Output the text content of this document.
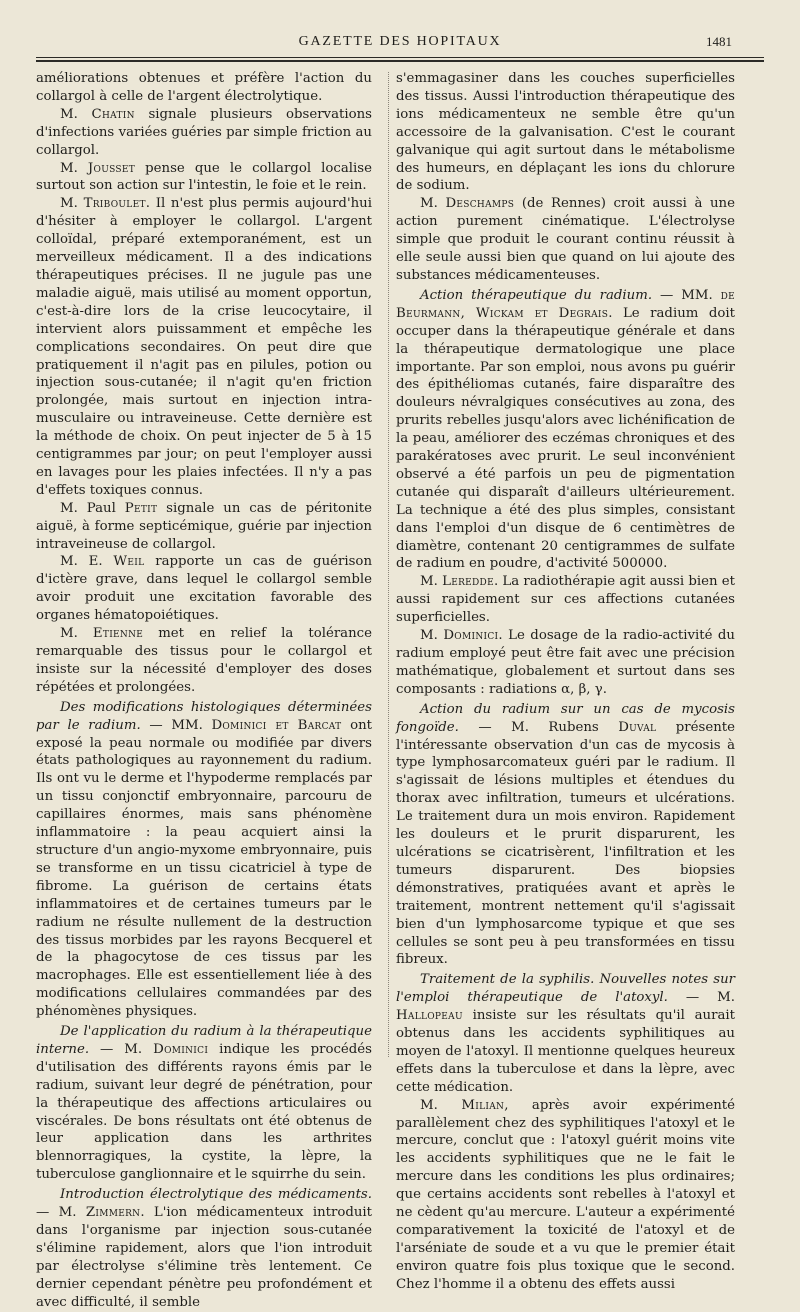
GAZETTE DES HOPITAUX	1481

améliorations obtenues et préfère l'action du collargol à celle de l'argent électrolytique.

M. Chatin signale plusieurs observations d'infections variées guéries par simple friction au collargol.

M. Jousset pense que le collargol localise surtout son action sur l'intestin, le foie et le rein.

M. Triboulet. Il n'est plus permis aujourd'hui d'hésiter à employer le collargol. L'argent colloïdal, préparé extemporanément, est un merveilleux médicament. Il a des indications thérapeutiques précises. Il ne jugule pas une maladie aiguë, mais utilisé au moment opportun, c'est-à-dire lors de la crise leucocytaire, il intervient alors puissamment et empêche les complications secondaires. On peut dire que pratiquement il n'agit pas en pilules, potion ou injection sous-cutanée; il n'agit qu'en friction prolongée, mais surtout en injection intra-musculaire ou intraveineuse. Cette dernière est la méthode de choix. On peut injecter de 5 à 15 centigrammes par jour; on peut l'employer aussi en lavages pour les plaies infectées. Il n'y a pas d'effets toxiques connus.

M. Paul Petit signale un cas de péritonite aiguë, à forme septicémique, guérie par injection intraveineuse de collargol.

M. E. Weil rapporte un cas de guérison d'ictère grave, dans lequel le collargol semble avoir produit une excitation favorable des organes hématopoiétiques.

M. Etienne met en relief la tolérance remarquable des tissus pour le collargol et insiste sur la nécessité d'employer des doses répétées et prolongées.

Des modifications histologiques déterminées par le radium. — MM. Dominici et Barcat ont exposé la peau normale ou modifiée par divers états pathologiques au rayonnement du radium. Ils ont vu le derme et l'hypoderme remplacés par un tissu conjonctif embryonnaire, parcouru de capillaires énormes, mais sans phénomène inflammatoire : la peau acquiert ainsi la structure d'un angio-myxome embryonnaire, puis se transforme en un tissu cicatriciel à type de fibrome. La guérison de certains états inflammatoires et de certaines tumeurs par le radium ne résulte nullement de la destruction des tissus morbides par les rayons Becquerel et de la phagocytose de ces tissus par les macrophages. Elle est essentiellement liée à des modifications cellulaires commandées par des phénomènes physiques.

De l'application du radium à la thérapeutique interne. — M. Dominici indique les procédés d'utilisation des différents rayons émis par le radium, suivant leur degré de pénétration, pour la thérapeutique des affections articulaires ou viscérales. De bons résultats ont été obtenus de leur application dans les arthrites blennorragiques, la cystite, la lèpre, la tuberculose ganglionnaire et le squirrhe du sein.

Introduction électrolytique des médicaments. — M. Zimmern. L'ion médicamenteux introduit dans l'organisme par injection sous-cutanée s'élimine rapidement, alors que l'ion introduit par électrolyse s'élimine très lentement. Ce dernier cependant pénètre peu profondément et avec difficulté, il semble

s'emmagasiner dans les couches superficielles des tissus. Aussi l'introduction thérapeutique des ions médicamenteux ne semble être qu'un accessoire de la galvanisation. C'est le courant galvanique qui agit surtout dans le métabolisme des humeurs, en déplaçant les ions du chlorure de sodium.

M. Deschamps (de Rennes) croit aussi à une action purement cinématique. L'électrolyse simple que produit le courant continu réussit à elle seule aussi bien que quand on lui ajoute des substances médicamenteuses.

Action thérapeutique du radium. — MM. de Beurmann, Wickam et Degrais. Le radium doit occuper dans la thérapeutique générale et dans la thérapeutique dermatologique une place importante. Par son emploi, nous avons pu guérir des épithéliomas cutanés, faire disparaître des douleurs névralgiques consécutives au zona, des prurits rebelles jusqu'alors avec lichénification de la peau, améliorer des eczémas chroniques et des parakératoses avec prurit. Le seul inconvénient observé a été parfois un peu de pigmentation cutanée qui disparaît d'ailleurs ultérieurement. La technique a été des plus simples, consistant dans l'emploi d'un disque de 6 centimètres de diamètre, contenant 20 centigrammes de sulfate de radium en poudre, d'activité 500000.

M. Leredde. La radiothérapie agit aussi bien et aussi rapidement sur ces affections cutanées superficielles.

M. Dominici. Le dosage de la radio-activité du radium employé peut être fait avec une précision mathématique, globalement et surtout dans ses composants : radiations α, β, γ.

Action du radium sur un cas de mycosis fongoïde. — M. Rubens Duval présente l'intéressante observation d'un cas de mycosis à type lymphosarcomateux guéri par le radium. Il s'agissait de lésions multiples et étendues du thorax avec infiltration, tumeurs et ulcérations. Le traitement dura un mois environ. Rapidement les douleurs et le prurit disparurent, les ulcérations se cicatrisèrent, l'infiltration et les tumeurs disparurent. Des biopsies démonstratives, pratiquées avant et après le traitement, montrent nettement qu'il s'agissait bien d'un lymphosarcome typique et que ses cellules se sont peu à peu transformées en tissu fibreux.

Traitement de la syphilis. Nouvelles notes sur l'emploi thérapeutique de l'atoxyl. — M. Hallopeau insiste sur les résultats qu'il aurait obtenus dans les accidents syphilitiques au moyen de l'atoxyl. Il mentionne quelques heureux effets dans la tuberculose et dans la lèpre, avec cette médication.

M. Milian, après avoir expérimenté parallèlement chez des syphilitiques l'atoxyl et le mercure, conclut que : l'atoxyl guérit moins vite les accidents syphilitiques que ne le fait le mercure dans les conditions les plus ordinaires; que certains accidents sont rebelles à l'atoxyl et ne cèdent qu'au mercure. L'auteur a expérimenté comparativement la toxicité de l'atoxyl et de l'arséniate de soude et a vu que le premier était environ quatre fois plus toxique que le second. Chez l'homme il a obtenu des effets aussi
